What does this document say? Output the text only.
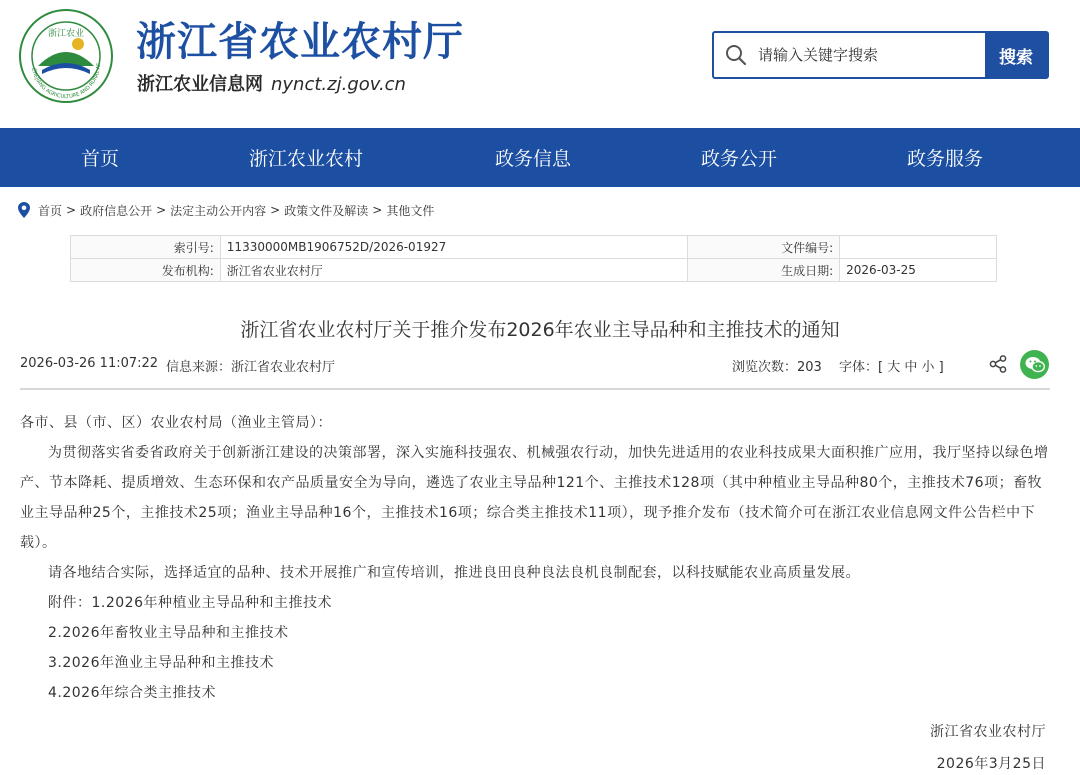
浙江农业
ZHEJIANG AGRICULTURE AND RURAL AF 浙江省农业农村厅
浙江农业信息网 nynct.zj.gov.cn
请输入关键字搜索
搜索
首页	浙江农业农村	政务信息	政务公开	政务服务
首页 > 政府信息公开 > 法定主动公开内容 > 政策文件及解读 > 其他文件
索引号:	11330000MB1906752D/2026-01927	文件编号:	
发布机构:	浙江省农业农村厅	生成日期:	2026-03-25
浙江省农业农村厅关于推介发布2026年农业主导品种和主推技术的通知
2026-03-26 11:07:22 信息来源：浙江省农业农村厅	浏览次数：203 字体：[ 大 中 小 ]

各市、县（市、区）农业农村局（渔业主管局）：

为贯彻落实省委省政府关于创新浙江建设的决策部署，深入实施科技强农、机械强农行动，加快先进适用的农业科技成果大面积推广应用，我厅坚持以绿色增产、节本降耗、提质增效、生态环保和农产品质量安全为导向，遴选了农业主导品种121个、主推技术128项（其中种植业主导品种80个，主推技术76项；畜牧业主导品种25个，主推技术25项；渔业主导品种16个，主推技术16项；综合类主推技术11项），现予推介发布（技术简介可在浙江农业信息网文件公告栏中下载）。

请各地结合实际，选择适宜的品种、技术开展推广和宣传培训，推进良田良种良法良机良制配套，以科技赋能农业高质量发展。

附件：1.2026年种植业主导品种和主推技术

2.2026年畜牧业主导品种和主推技术

3.2026年渔业主导品种和主推技术

4.2026年综合类主推技术

浙江省农业农村厅
2026年3月25日
